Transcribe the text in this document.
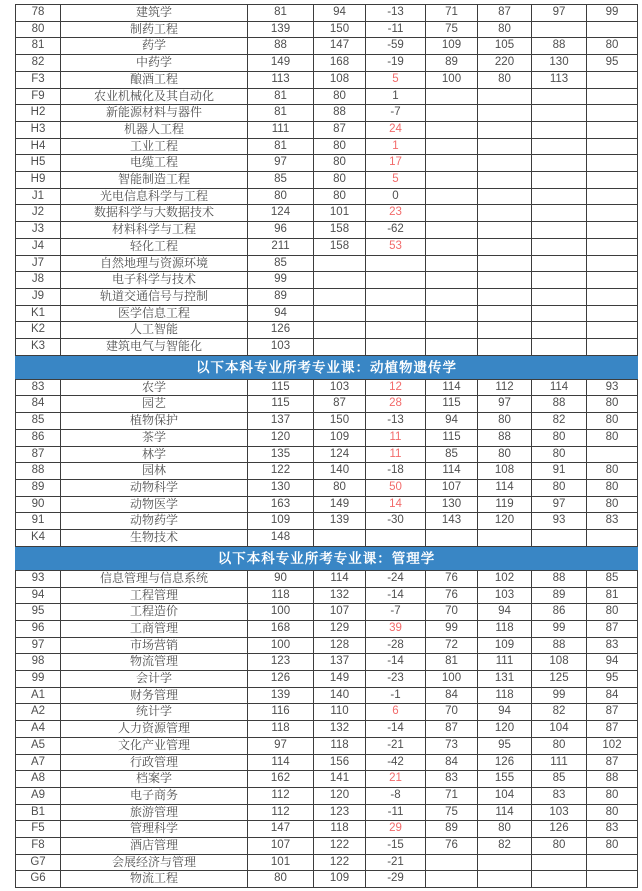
78	建筑学	81	94	-13	71	87	97	99
80	制药工程	139	150	-11	75	80		
81	药学	88	147	-59	109	105	88	80
82	中药学	149	168	-19	89	220	130	95
F3	酿酒工程	113	108	5	100	80	113	
F9	农业机械化及其自动化	81	80	1				
H2	新能源材料与器件	81	88	-7				
H3	机器人工程	111	87	24				
H4	工业工程	81	80	1				
H5	电缆工程	97	80	17				
H9	智能制造工程	85	80	5				
J1	光电信息科学与工程	80	80	0				
J2	数据科学与大数据技术	124	101	23				
J3	材料科学与工程	96	158	-62				
J4	轻化工程	211	158	53				
J7	自然地理与资源环境	85						
J8	电子科学与技术	99						
J9	轨道交通信号与控制	89						
K1	医学信息工程	94						
K2	人工智能	126						
K3	建筑电气与智能化	103						
以下本科专业所考专业课：动植物遗传学								
83	农学	115	103	12	114	112	114	93
84	园艺	115	87	28	115	97	88	80
85	植物保护	137	150	-13	94	80	82	80
86	茶学	120	109	11	115	88	80	80
87	林学	135	124	11	85	80	80	
88	园林	122	140	-18	114	108	91	80
89	动物科学	130	80	50	107	114	80	80
90	动物医学	163	149	14	130	119	97	80
91	动物药学	109	139	-30	143	120	93	83
K4	生物技术	148						
以下本科专业所考专业课：管理学								
93	信息管理与信息系统	90	114	-24	76	102	88	85
94	工程管理	118	132	-14	76	103	89	81
95	工程造价	100	107	-7	70	94	86	80
96	工商管理	168	129	39	99	118	99	87
97	市场营销	100	128	-28	72	109	88	83
98	物流管理	123	137	-14	81	111	108	94
99	会计学	126	149	-23	100	131	125	95
A1	财务管理	139	140	-1	84	118	99	84
A2	统计学	116	110	6	70	94	82	87
A4	人力资源管理	118	132	-14	87	120	104	87
A5	文化产业管理	97	118	-21	73	95	80	102
A7	行政管理	114	156	-42	84	126	111	87
A8	档案学	162	141	21	83	155	85	88
A9	电子商务	112	120	-8	71	104	83	80
B1	旅游管理	112	123	-11	75	114	103	80
F5	管理科学	147	118	29	89	80	126	83
F8	酒店管理	107	122	-15	76	82	80	80
G7	会展经济与管理	101	122	-21				
G6	物流工程	80	109	-29				
